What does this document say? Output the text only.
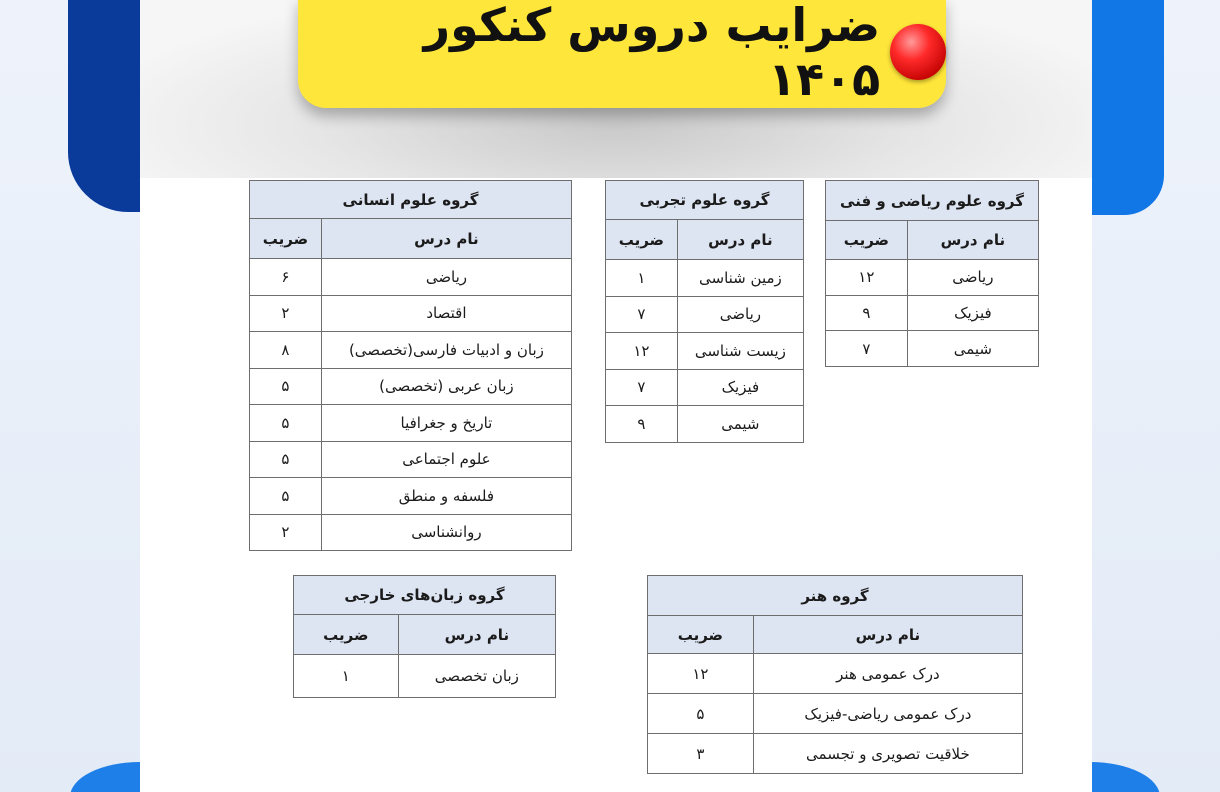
ضرایب دروس کنکور ۱۴۰۵
گروه علوم انسانی	
نام درس	ضریب
ریاضی	۶
اقتصاد	۲
زبان و ادبیات فارسی(تخصصی)	۸
زبان عربی (تخصصی)	۵
تاریخ و جغرافیا	۵
علوم اجتماعی	۵
فلسفه و منطق	۵
روانشناسی	۲
گروه علوم تجربی	
نام درس	ضریب
زمین شناسی	۱
ریاضی	۷
زیست شناسی	۱۲
فیزیک	۷
شیمی	۹
گروه علوم ریاضی و فنی	
نام درس	ضریب
ریاضی	۱۲
فیزیک	۹
شیمی	۷
گروه زبان‌های خارجی	
نام درس	ضریب
زبان تخصصی	۱
گروه هنر	
نام درس	ضریب
درک عمومی هنر	۱۲
درک عمومی ریاضی-فیزیک	۵
خلاقیت تصویری و تجسمی	۳
